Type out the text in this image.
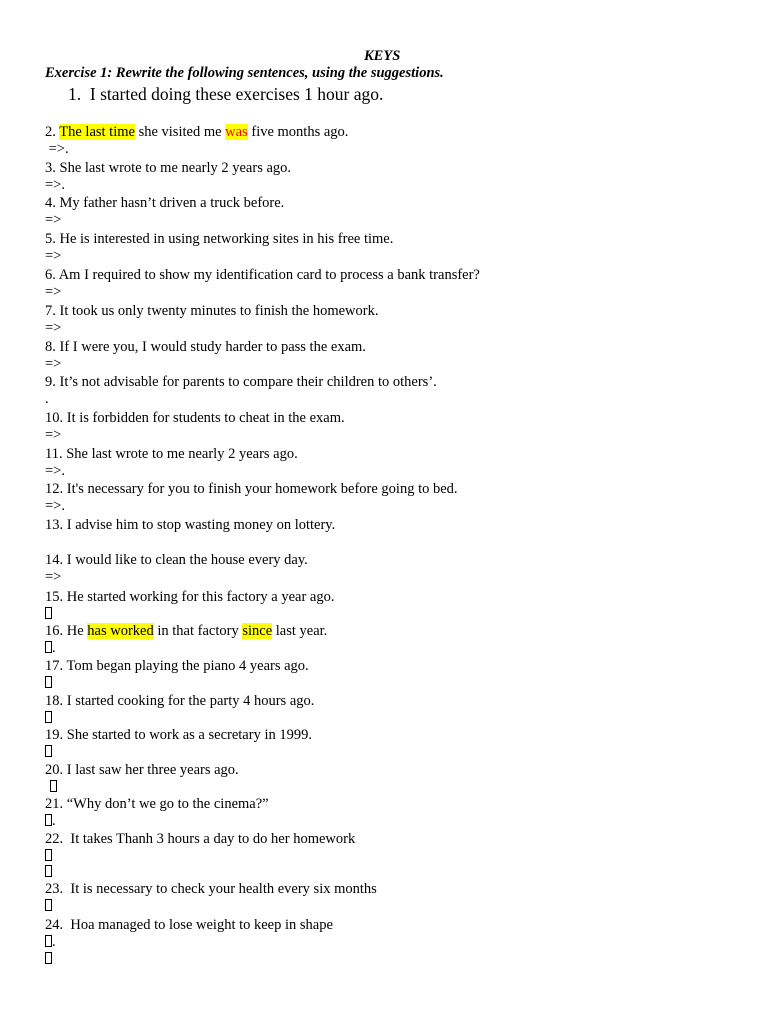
KEYS
Exercise 1: Rewrite the following sentences, using the suggestions.
1. I started doing these exercises 1 hour ago.
2. The last time she visited me was five months ago.
=>.
3. She last wrote to me nearly 2 years ago.
=>.
4. My father hasn’t driven a truck before.
=>
5. He is interested in using networking sites in his free time.
=>
6. Am I required to show my identification card to process a bank transfer?
=>
7. It took us only twenty minutes to finish the homework.
=>
8. If I were you, I would study harder to pass the exam.
=>
9. It’s not advisable for parents to compare their children to others’.
.
10. It is forbidden for students to cheat in the exam.
=>
11. She last wrote to me nearly 2 years ago.
=>.
12. It's necessary for you to finish your homework before going to bed.
=>.
13. I advise him to stop wasting money on lottery.
14. I would like to clean the house every day.
=>
15. He started working for this factory a year ago.
16. He has worked in that factory since last year.
.
17. Tom began playing the piano 4 years ago.
18. I started cooking for the party 4 hours ago.
19. She started to work as a secretary in 1999.
20. I last saw her three years ago.
21. “Why don’t we go to the cinema?”
.
22.  It takes Thanh 3 hours a day to do her homework
23.  It is necessary to check your health every six months
24.  Hoa managed to lose weight to keep in shape
.
